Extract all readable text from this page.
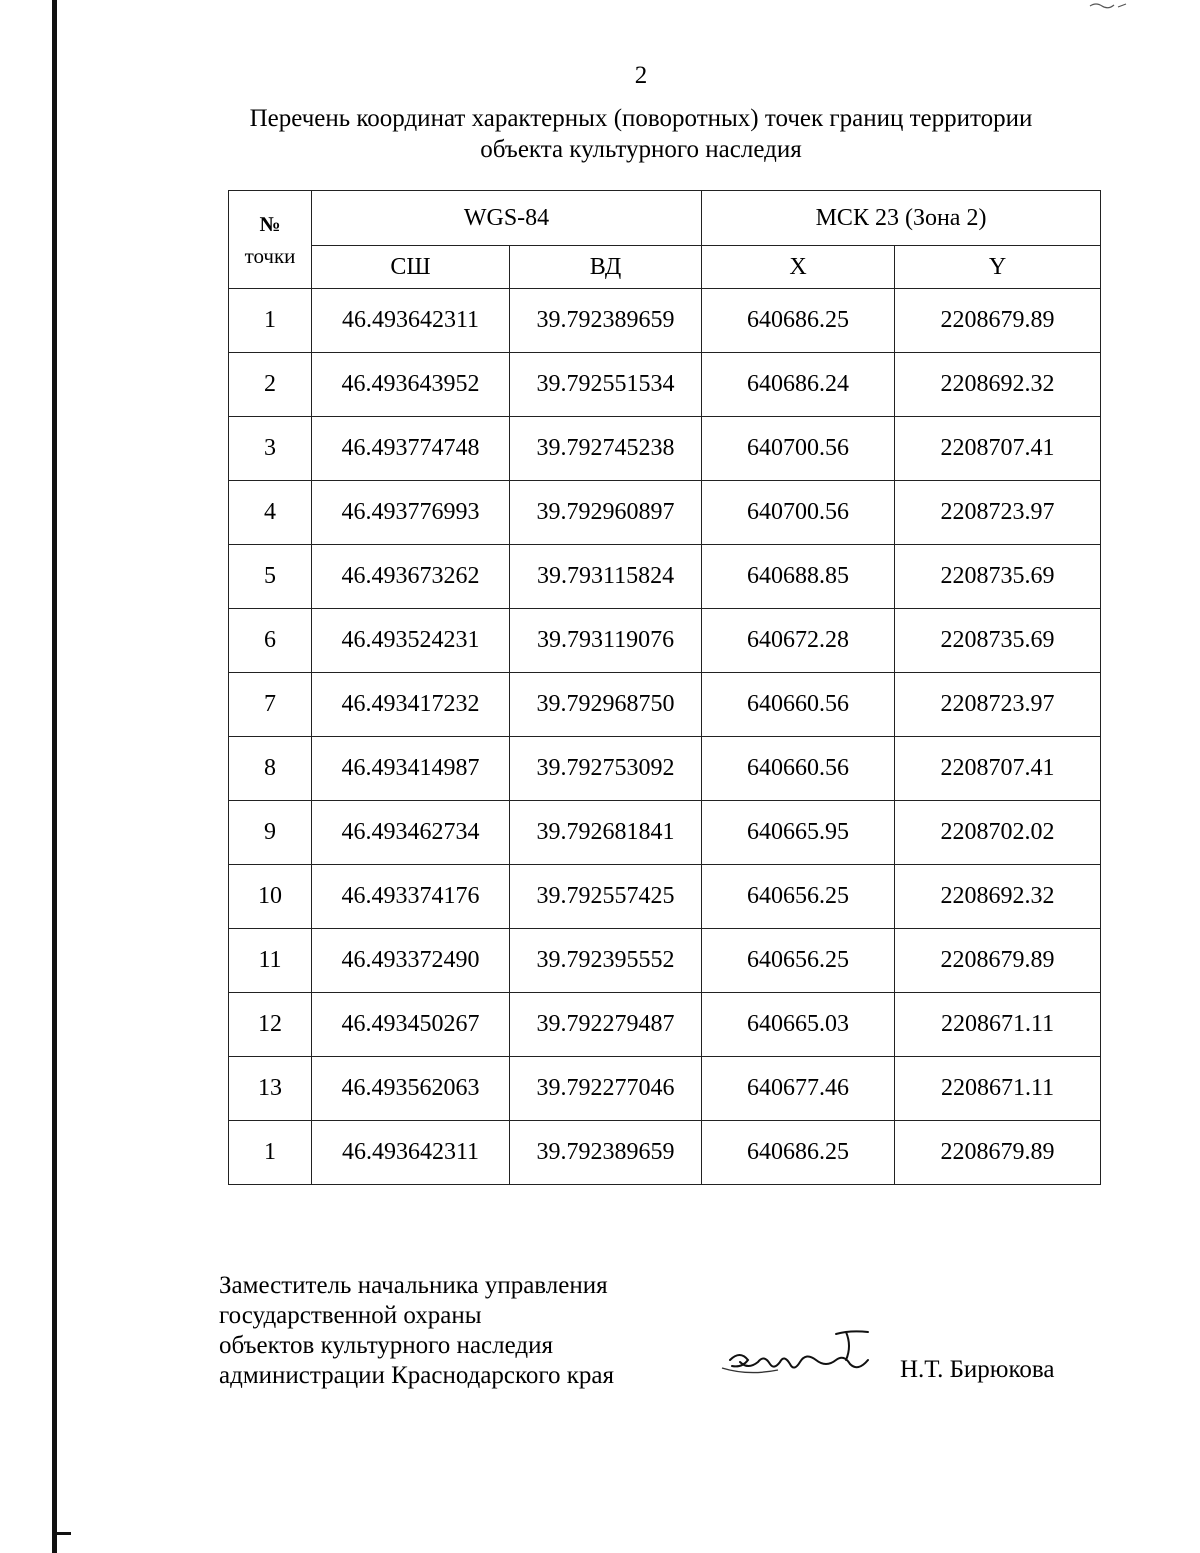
2
Перечень координат характерных (поворотных) точек границ территории
объекта культурного наследия
№
точки	WGS-84		МСК 23 (Зона 2)	
	СШ	ВД	X	Y
1	46.493642311	39.792389659	640686.25	2208679.89
2	46.493643952	39.792551534	640686.24	2208692.32
3	46.493774748	39.792745238	640700.56	2208707.41
4	46.493776993	39.792960897	640700.56	2208723.97
5	46.493673262	39.793115824	640688.85	2208735.69
6	46.493524231	39.793119076	640672.28	2208735.69
7	46.493417232	39.792968750	640660.56	2208723.97
8	46.493414987	39.792753092	640660.56	2208707.41
9	46.493462734	39.792681841	640665.95	2208702.02
10	46.493374176	39.792557425	640656.25	2208692.32
11	46.493372490	39.792395552	640656.25	2208679.89
12	46.493450267	39.792279487	640665.03	2208671.11
13	46.493562063	39.792277046	640677.46	2208671.11
1	46.493642311	39.792389659	640686.25	2208679.89
Заместитель начальника управления
государственной охраны
объектов культурного наследия
администрации Краснодарского края	Н.Т. Бирюкова
